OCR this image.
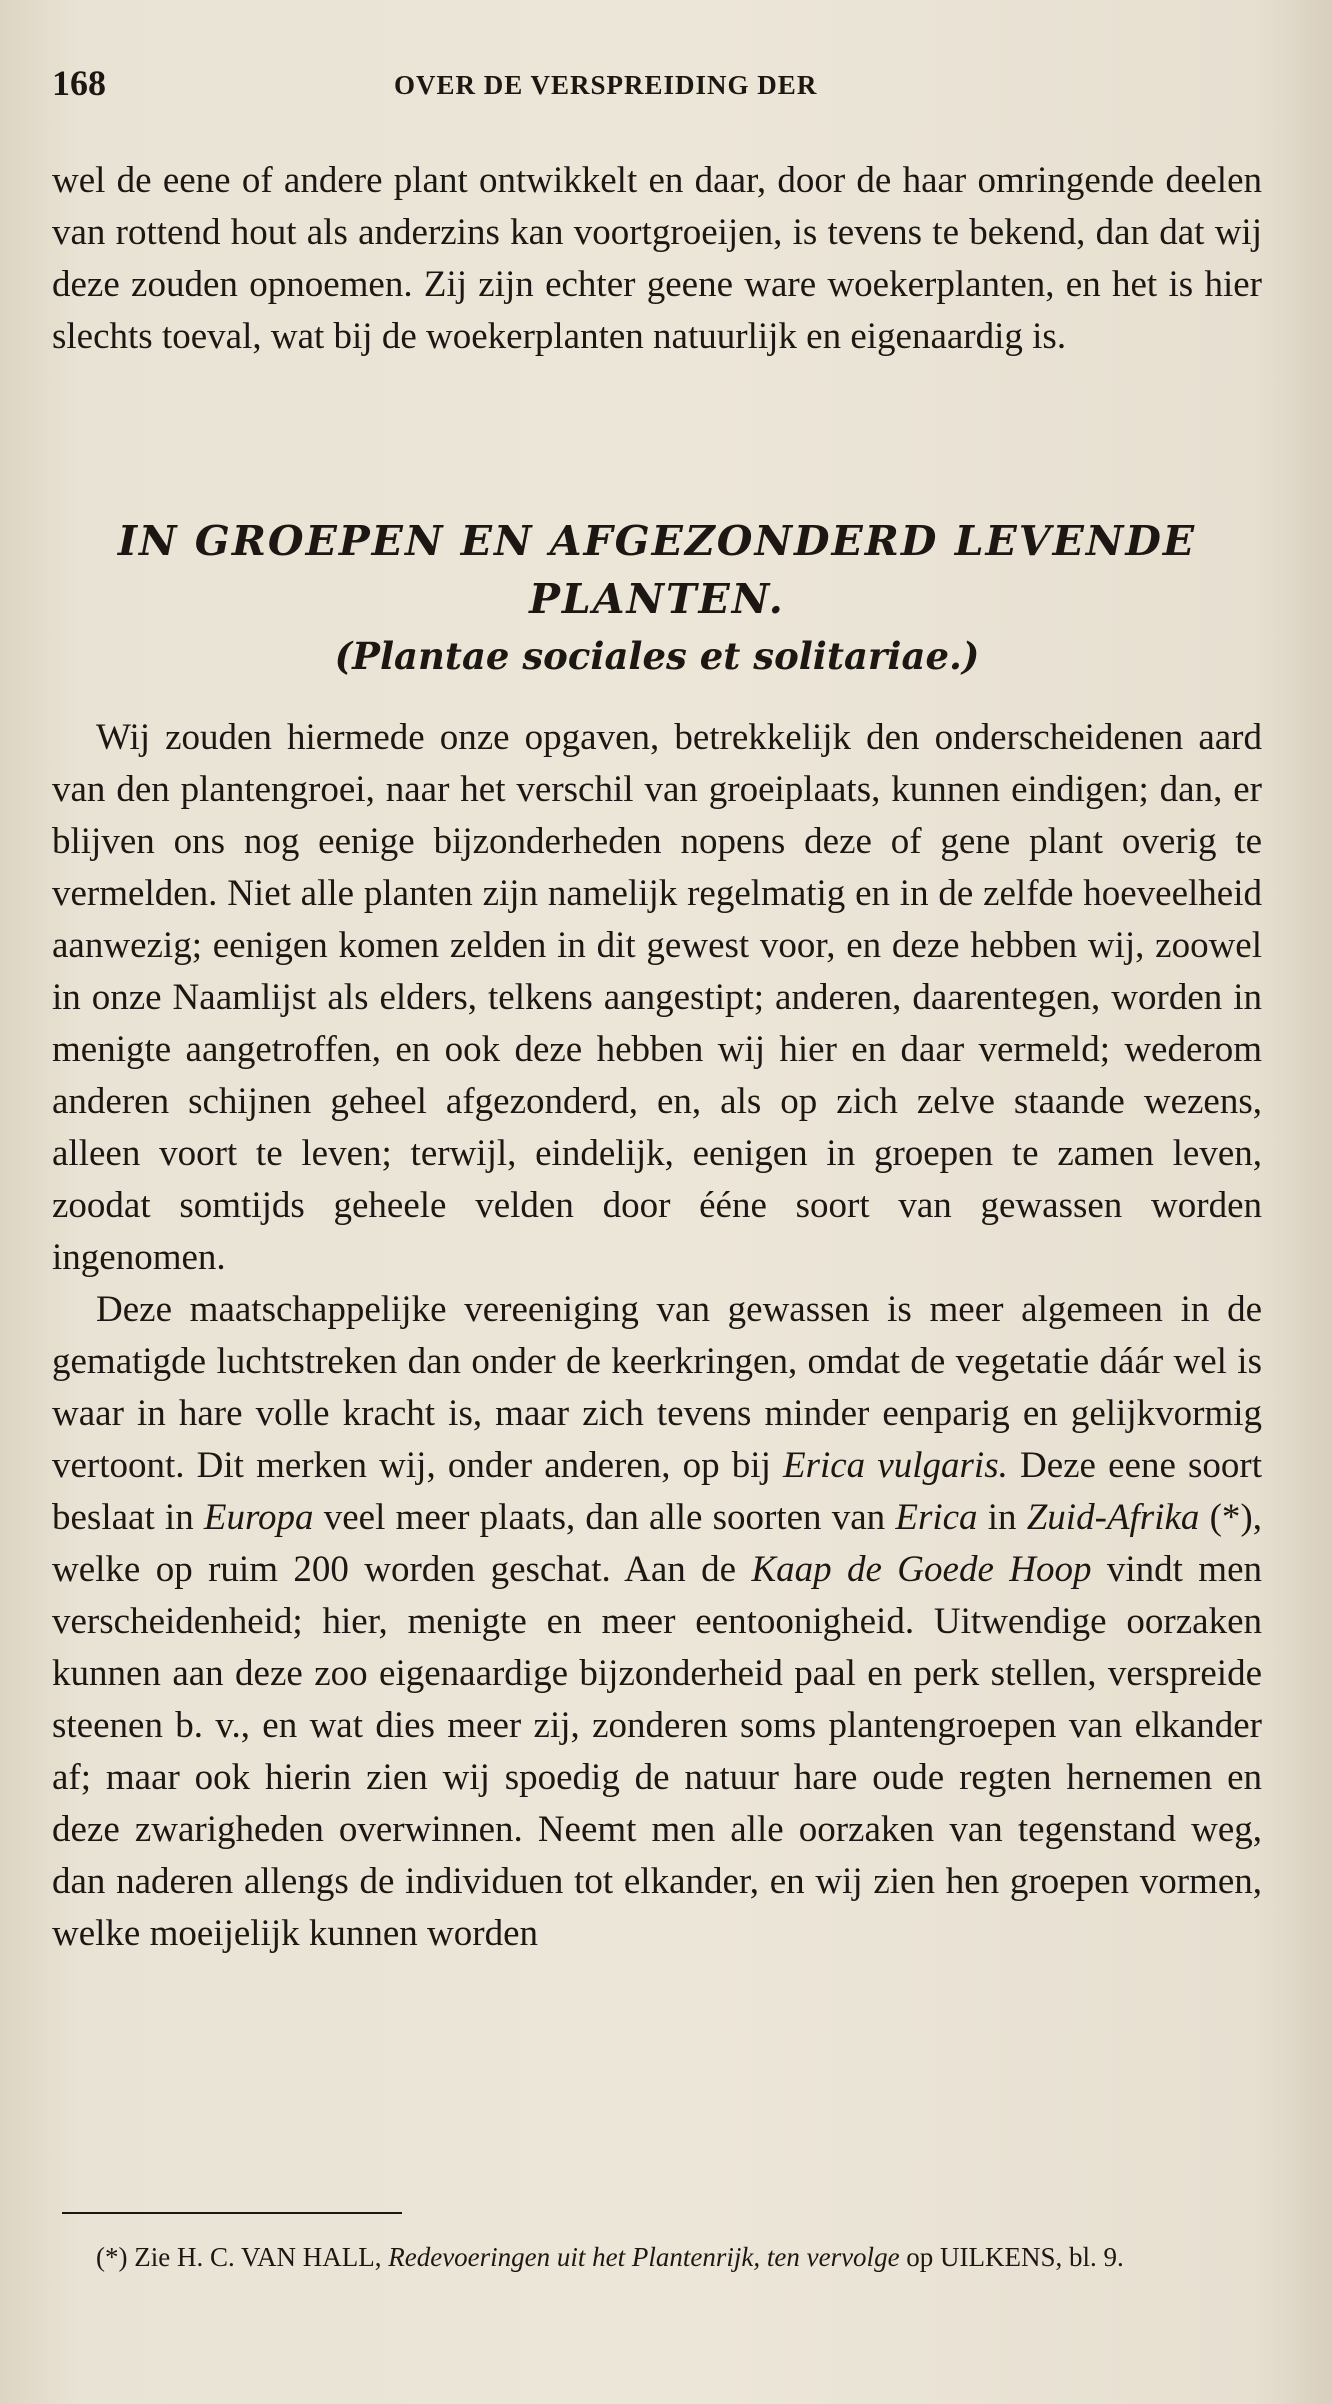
168	OVER DE VERSPREIDING DER

wel de eene of andere plant ontwikkelt en daar, door de haar omringende deelen van rottend hout als anderzins kan voortgroeijen, is tevens te bekend, dan dat wij deze zouden opnoemen. Zij zijn echter geene ware woekerplanten, en het is hier slechts toeval, wat bij de woekerplanten natuurlijk en eigenaardig is.

IN GROEPEN EN AFGEZONDERD LEVENDE PLANTEN.
(Plantae sociales et solitariae.)

Wij zouden hiermede onze opgaven, betrekkelijk den onderscheidenen aard van den plantengroei, naar het verschil van groeiplaats, kunnen eindigen; dan, er blijven ons nog eenige bijzonderheden nopens deze of gene plant overig te vermelden. Niet alle planten zijn namelijk regelmatig en in de zelfde hoeveelheid aanwezig; eenigen komen zelden in dit gewest voor, en deze hebben wij, zoowel in onze Naamlijst als elders, telkens aangestipt; anderen, daarentegen, worden in menigte aangetroffen, en ook deze hebben wij hier en daar vermeld; wederom anderen schijnen geheel afgezonderd, en, als op zich zelve staande wezens, alleen voort te leven; terwijl, eindelijk, eenigen in groepen te zamen leven, zoodat somtijds geheele velden door ééne soort van gewassen worden ingenomen.

Deze maatschappelijke vereeniging van gewassen is meer algemeen in de gematigde luchtstreken dan onder de keerkringen, omdat de vegetatie dáár wel is waar in hare volle kracht is, maar zich tevens minder eenparig en gelijkvormig vertoont. Dit merken wij, onder anderen, op bij Erica vulgaris. Deze eene soort beslaat in Europa veel meer plaats, dan alle soorten van Erica in Zuid-Afrika (*), welke op ruim 200 worden geschat. Aan de Kaap de Goede Hoop vindt men verscheidenheid; hier, menigte en meer eentoonigheid. Uitwendige oorzaken kunnen aan deze zoo eigenaardige bijzonderheid paal en perk stellen, verspreide steenen b. v., en wat dies meer zij, zonderen soms plantengroepen van elkander af; maar ook hierin zien wij spoedig de natuur hare oude regten hernemen en deze zwarigheden overwinnen. Neemt men alle oorzaken van tegenstand weg, dan naderen allengs de individuen tot elkander, en wij zien hen groepen vormen, welke moeijelijk kunnen worden

(*) Zie H. C. VAN HALL, Redevoeringen uit het Plantenrijk, ten vervolge op UILKENS, bl. 9.
